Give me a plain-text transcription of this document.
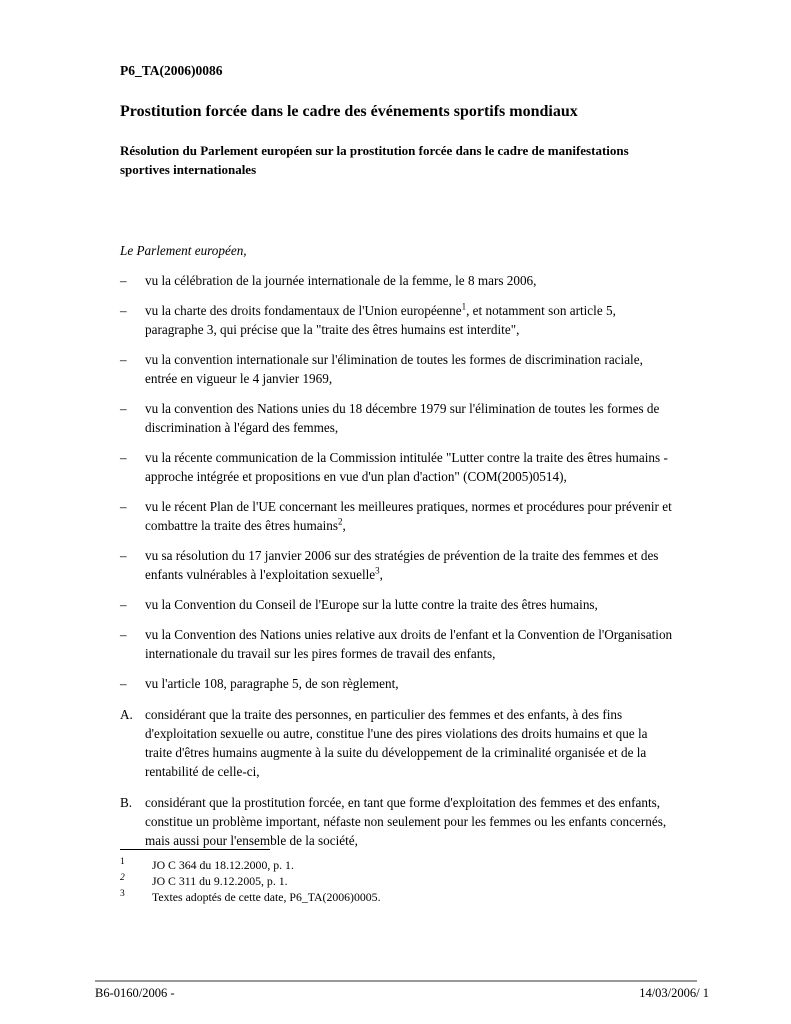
P6_TA(2006)0086
Prostitution forcée dans le cadre des événements sportifs mondiaux
Résolution du Parlement européen sur la prostitution forcée dans le cadre de manifestations sportives internationales
Le Parlement européen,
–	vu la célébration de la journée internationale de la femme, le 8 mars 2006,
–	vu la charte des droits fondamentaux de l'Union européenne$^1$, et notamment son article 5, paragraphe 3, qui précise que la "traite des êtres humains est interdite",
–	vu la convention internationale sur l'élimination de toutes les formes de discrimination raciale, entrée en vigueur le 4 janvier 1969,
–	vu la convention des Nations unies du 18 décembre 1979 sur l'élimination de toutes les formes de discrimination à l'égard des femmes,
–	vu la récente communication de la Commission intitulée "Lutter contre la traite des êtres humains - approche intégrée et propositions en vue d'un plan d'action" (COM(2005)0514),
–	vu le récent Plan de l'UE concernant les meilleures pratiques, normes et procédures pour prévenir et combattre la traite des êtres humains$^2$,
–	vu sa résolution du 17 janvier 2006 sur des stratégies de prévention de la traite des femmes et des enfants vulnérables à l'exploitation sexuelle$^3$,
–	vu la Convention du Conseil de l'Europe sur la lutte contre la traite des êtres humains,
–	vu la Convention des Nations unies relative aux droits de l'enfant et la Convention de l'Organisation internationale du travail sur les pires formes de travail des enfants,
–	vu l'article 108, paragraphe 5, de son règlement,
A. considérant que la traite des personnes, en particulier des femmes et des enfants, à des fins d'exploitation sexuelle ou autre, constitue l'une des pires violations des droits humains et que la traite d'êtres humains augmente à la suite du développement de la criminalité organisée et de la rentabilité de celle-ci,
B. considérant que la prostitution forcée, en tant que forme d'exploitation des femmes et des enfants, constitue un problème important, néfaste non seulement pour les femmes ou les enfants concernés, mais aussi pour l'ensemble de la société,
1	JO C 364 du 18.12.2000, p. 1.
2	JO C 311 du 9.12.2005, p. 1.
3	Textes adoptés de cette date, P6_TA(2006)0005.
B6-0160/2006 -	14/03/2006/ 1
